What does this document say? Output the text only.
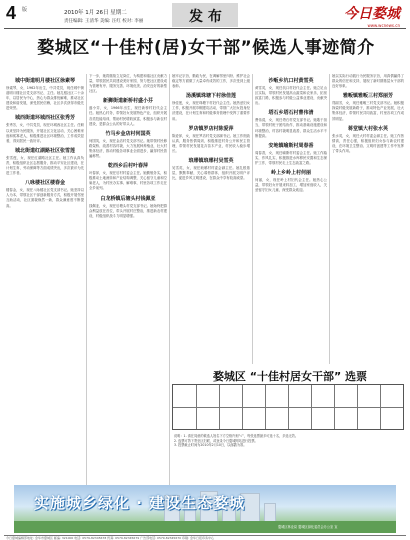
4 版	2010年 1月 26日 星期二
责任编辑: 王清华 美编: 汪红 校对: 李丽	发 布	今日婺城
www.wcnews.cn
婺城区“十佳村(居)女干部”候选人事迹简介
城中街道明月楼社区徐素琴
徐素琴，女，1962年出生，中共党员，现任城中街道明月楼社区党支部书记、主任。她扎根社区二十余年，以居民为中心，热心为群众排忧解难，推动社区建设和谐发展，深受居民信赖，社区多次获得市级先进荣誉。
城西街道环城西社区张秀芳
张秀芳，女，中共党员，现任环城西社区主任。任职以来坚持为民服务，开展社区文化活动，关心困难家庭和孤寡老人，积极推进社区环境整治，工作成效显著，得到居民一致好评。
城北街道红湖路社区张雪莲
张雪莲，女，现任红湖路社区主任。她工作认真负责，积极组织社区志愿服务，推动平安社区建设，在计划生育、劳动保障等方面成绩突出，多次被评为先进工作者。
八咏楼社区楼春金
楼春金，女，现任八咏楼社区党支部书记。她坚持以人为本，带领社区干部创新服务方式，积极开展邻里互助活动，社区面貌焕然一新，群众满意度不断提高。
下一步，她将继续立足岗位，为构建和谐社区贡献力量，带领居民共同建设美好家园，努力把社区建设成为管理有序、服务完善、环境优美、治安良好的新型社区。
新狮街道新桥村盛小芬
盛小芬，女，1966年出生，现任新桥村妇代会主任。她热心村务，带领妇女发展特色产业，组织开展各类技能培训，帮助村民增收致富，积极参与新农村建设，是群众公认的好带头人。
竹马乡金店村何国英
何国英，女，现任金店村党支部书记。她带领村民修路架桥、改善村容村貌，大力发展种养殖业，壮大村集体经济，推动村级各项事业全面进步，赢得村民普遍称赞。
乾西乡后村叶春萍
叶春萍，女，现任后村村委会主任。她勤勉务实，积极推动土地流转和产业结构调整，关心留守儿童和空巢老人，为村民办实事、解难事，村里各项工作走在全乡前列。
白龙桥镇后塘头村钱佩亚
钱佩亚，女，现任后塘头村党支部书记。她始终把群众利益放在首位，带头开展村庄整治，推进新农村建设，村级组织战斗力明显增强。
她牢记宗旨，勤政为民，在调解邻里纠纷、维护社会稳定等方面做了大量卓有成效的工作，多次受到上级表彰。
汤溪镇珠塘下村徐佳莲
徐佳莲，女，现任珠塘下村妇代会主任。她热爱妇女工作，积极开展巾帼建功活动，带领广大妇女投身经济建设，在计划生育和村级事务管理中发挥了重要作用。
罗店镇罗店村陈爱萍
陈爱萍，女，现任罗店村党支部副书记。她工作细致认真，服务热情周到，积极推进村务公开和民主管理，带领村民发展花卉苗木产业，村民收入稳步增长。
琅琊镇琅琊村吴雪英
吴雪英，女，现任琅琊村村委会副主任。她扎根基层，默默奉献，关心弱势群体，组织开展文明户评比，促进乡风文明建设，在群众中享有较高威望。
沙畈乡坑口村黄雪英
黄雪英，女，现任坑口村妇代会主任。她立足山区实际，带领村民发展高山蔬菜和农家乐，拓宽致富门路，积极参与村级公益事业建设，贡献突出。
塔石乡塔石村曹伟清
曹伟清，女，现任塔石村党支部书记。她敢于担当，带领村班子团结协作，推动基础设施建设和环境整治，村容村貌明显改善，群众生活水平不断提高。
安地镇喻斯村周春香
周春香，女，现任喻斯村村委会主任。她工作踏实，作风扎实，积极推进水库移民安置和生态保护工作，带领村民走上生态致富之路。
岭上乡岭上村何丽
何丽，女，现任岭上村妇代会主任。她热心公益，带领妇女开展来料加工，增加家庭收入，关爱留守妇女儿童，深受群众欢迎。
她以实际行动践行为民服务宗旨，用真情赢得了群众的信任和支持，展现了新时期基层女干部的良好形象。
雅畈镇雅畈三村郑丽芳
郑丽芳，女，现任雅畈三村党支部书记。她积极探索村级发展新路子，推动特色产业发展，壮大集体经济，带领村民共同致富，村里各项工作成效明显。
蒋堂镇大村张水英
张水英，女，现任大村村委会副主任。她工作热情高，责任心强，积极组织妇女参与新农村建设，在环境卫生整治、文明村创建等工作中发挥了带头作用。
婺城区 “十佳村居女干部” 选票
说明：1. 请在同意的候选人姓名下方空格内划“√”，每张选票最多可选十名，多选无效。
2. 选票可剪下寄至区妇联，或登录今日婺城网站进行投票。
3. 投票截止时间为2010年2月10日，以邮戳为准。
实施城乡绿化 · 建设生态婺城
婺城区林业局 婺城区绿化委员会办公室 宣
今日婺城编辑部地址: 金华市婺城区 邮编: 321000 电话: 0579-82345678 传真: 0579-82345679 广告部电话: 0579-82345670 印刷: 金华日报印务中心
